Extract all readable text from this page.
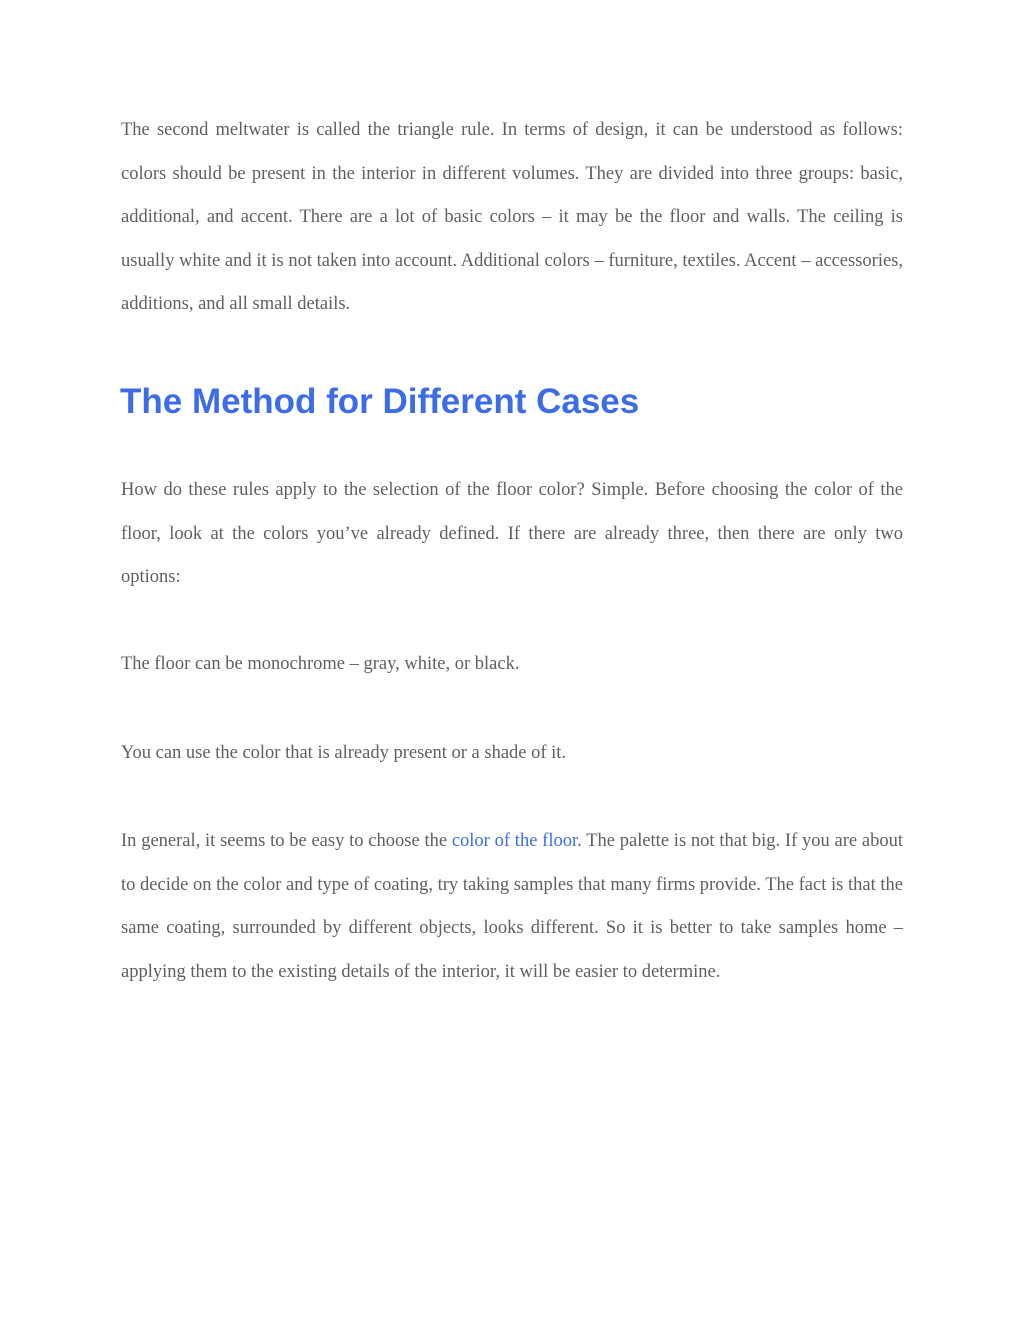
The second meltwater is called the triangle rule. In terms of design, it can be understood as follows: colors should be present in the interior in different volumes. They are divided into three groups: basic, additional, and accent. There are a lot of basic colors – it may be the floor and walls. The ceiling is usually white and it is not taken into account. Additional colors – furniture, textiles. Accent – accessories, additions, and all small details.

The Method for Different Cases

How do these rules apply to the selection of the floor color? Simple. Before choosing the color of the floor, look at the colors you’ve already defined. If there are already three, then there are only two options:

The floor can be monochrome – gray, white, or black.

You can use the color that is already present or a shade of it.

In general, it seems to be easy to choose the color of the floor. The palette is not that big. If you are about to decide on the color and type of coating, try taking samples that many firms provide. The fact is that the same coating, surrounded by different objects, looks different. So it is better to take samples home – applying them to the existing details of the interior, it will be easier to determine.
